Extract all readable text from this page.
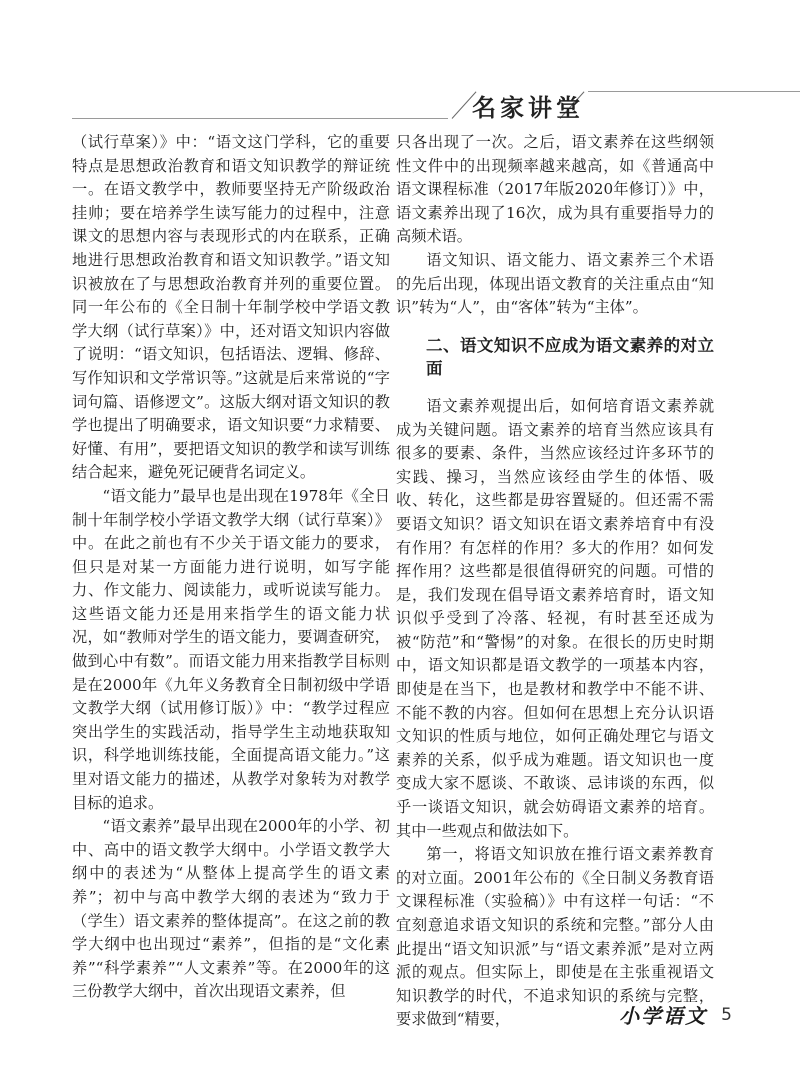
名家讲堂

（试行草案）》中：“语文这门学科，它的重要特点是思想政治教育和语文知识教学的辩证统一。在语文教学中，教师要坚持无产阶级政治挂帅；要在培养学生读写能力的过程中，注意课文的思想内容与表现形式的内在联系，正确地进行思想政治教育和语文知识教学。”语文知识被放在了与思想政治教育并列的重要位置。同一年公布的《全日制十年制学校中学语文教学大纲（试行草案）》中，还对语文知识内容做了说明：“语文知识，包括语法、逻辑、修辞、写作知识和文学常识等。”这就是后来常说的“字词句篇、语修逻文”。这版大纲对语文知识的教学也提出了明确要求，语文知识要“力求精要、好懂、有用”，要把语文知识的教学和读写训练结合起来，避免死记硬背名词定义。

“语文能力”最早也是出现在1978年《全日制十年制学校小学语文教学大纲（试行草案）》中。在此之前也有不少关于语文能力的要求，但只是对某一方面能力进行说明，如写字能力、作文能力、阅读能力，或听说读写能力。这些语文能力还是用来指学生的语文能力状况，如“教师对学生的语文能力，要调查研究，做到心中有数”。而语文能力用来指教学目标则是在2000年《九年义务教育全日制初级中学语文教学大纲（试用修订版）》中：“教学过程应突出学生的实践活动，指导学生主动地获取知识，科学地训练技能，全面提高语文能力。”这里对语文能力的描述，从教学对象转为对教学目标的追求。

“语文素养”最早出现在2000年的小学、初中、高中的语文教学大纲中。小学语文教学大纲中的表述为“从整体上提高学生的语文素养”；初中与高中教学大纲的表述为“致力于（学生）语文素养的整体提高”。在这之前的教学大纲中也出现过“素养”，但指的是“文化素养”“科学素养”“人文素养”等。在2000年的这三份教学大纲中，首次出现语文素养，但

只各出现了一次。之后，语文素养在这些纲领性文件中的出现频率越来越高，如《普通高中语文课程标准（2017年版2020年修订）》中，语文素养出现了16次，成为具有重要指导力的高频术语。

语文知识、语文能力、语文素养三个术语的先后出现，体现出语文教育的关注重点由“知识”转为“人”，由“客体”转为“主体”。

二、语文知识不应成为语文素养的对立面

语文素养观提出后，如何培育语文素养就成为关键问题。语文素养的培育当然应该具有很多的要素、条件，当然应该经过许多环节的实践、操习，当然应该经由学生的体悟、吸收、转化，这些都是毋容置疑的。但还需不需要语文知识？语文知识在语文素养培育中有没有作用？有怎样的作用？多大的作用？如何发挥作用？这些都是很值得研究的问题。可惜的是，我们发现在倡导语文素养培育时，语文知识似乎受到了冷落、轻视，有时甚至还成为被“防范”和“警惕”的对象。在很长的历史时期中，语文知识都是语文教学的一项基本内容，即使是在当下，也是教材和教学中不能不讲、不能不教的内容。但如何在思想上充分认识语文知识的性质与地位，如何正确处理它与语文素养的关系，似乎成为难题。语文知识也一度变成大家不愿谈、不敢谈、忌讳谈的东西，似乎一谈语文知识，就会妨碍语文素养的培育。其中一些观点和做法如下。

第一，将语文知识放在推行语文素养教育的对立面。2001年公布的《全日制义务教育语文课程标准（实验稿）》中有这样一句话：“不宜刻意追求语文知识的系统和完整。”部分人由此提出“语文知识派”与“语文素养派”是对立两派的观点。但实际上，即使是在主张重视语文知识教学的时代，不追求知识的系统与完整，要求做到“精要，	小学语文 5
